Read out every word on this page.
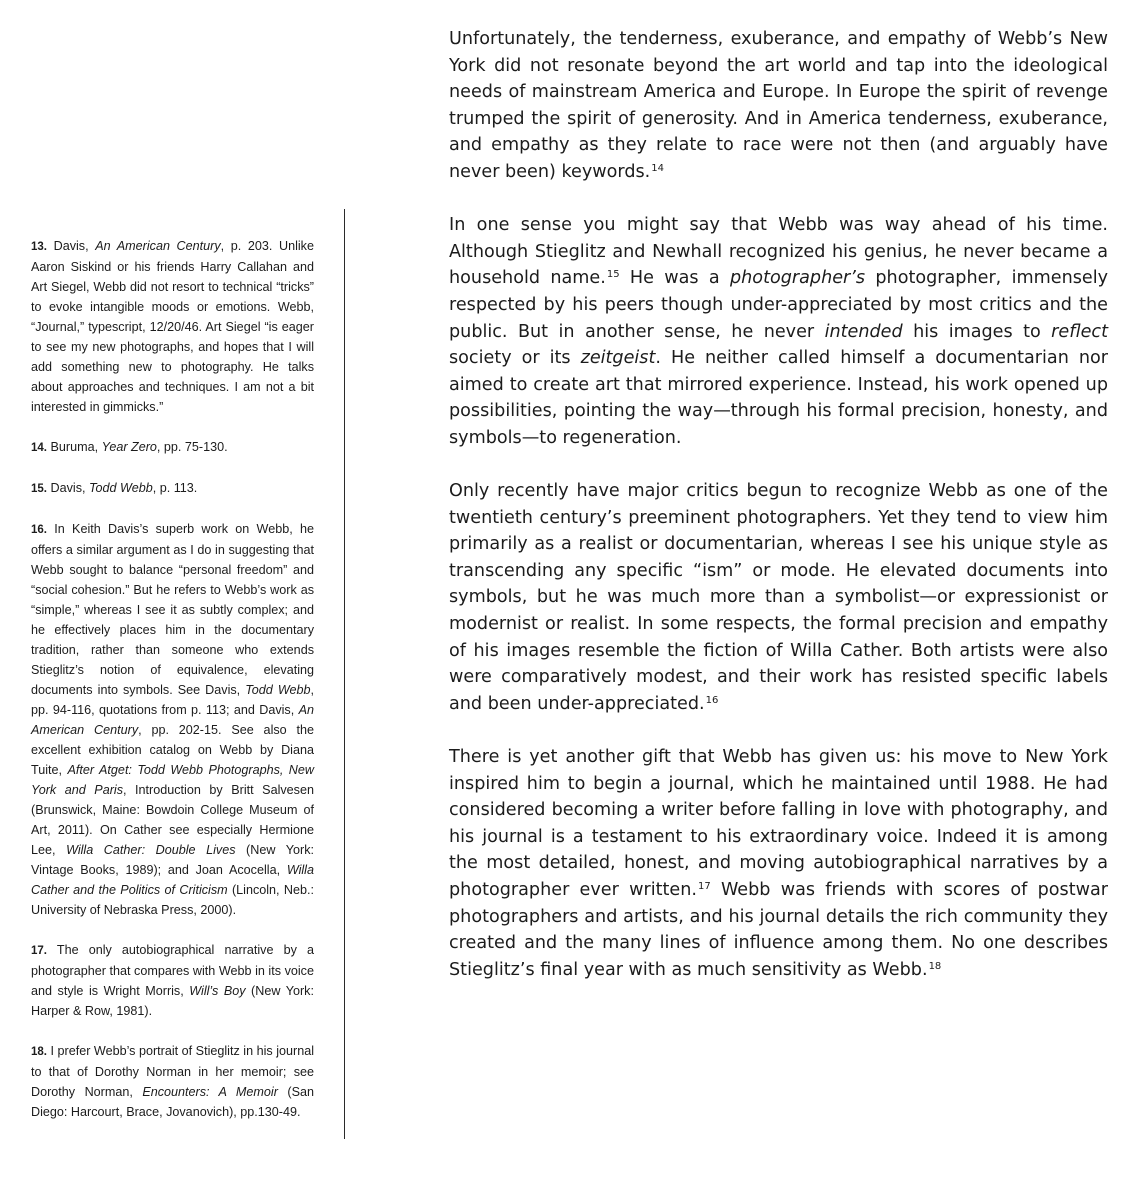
13. Davis, An American Century, p. 203. Unlike Aaron Siskind or his friends Harry Callahan and Art Siegel, Webb did not resort to technical “tricks” to evoke intangible moods or emotions. Webb, “Journal,” typescript, 12/20/46. Art Siegel “is eager to see my new photographs, and hopes that I will add something new to photography. He talks about approaches and techniques. I am not a bit interested in gimmicks.”

14. Buruma, Year Zero, pp. 75-130.

15. Davis, Todd Webb, p. 113.

16. In Keith Davis’s superb work on Webb, he offers a similar argument as I do in suggesting that Webb sought to balance “personal freedom” and “social cohesion.” But he refers to Webb’s work as “simple,” whereas I see it as subtly complex; and he effectively places him in the documentary tradition, rather than someone who extends Stieglitz’s notion of equivalence, elevating documents into symbols. See Davis, Todd Webb, pp. 94-116, quotations from p. 113; and Davis, An American Century, pp. 202-15. See also the excellent exhibition catalog on Webb by Diana Tuite, After Atget: Todd Webb Photographs, New York and Paris, Introduction by Britt Salvesen (Brunswick, Maine: Bowdoin College Museum of Art, 2011). On Cather see especially Hermione Lee, Willa Cather: Double Lives (New York: Vintage Books, 1989); and Joan Acocella, Willa Cather and the Politics of Criticism (Lincoln, Neb.: University of Nebraska Press, 2000).

17. The only autobiographical narrative by a photographer that compares with Webb in its voice and style is Wright Morris, Will’s Boy (New York: Harper & Row, 1981).

18. I prefer Webb’s portrait of Stieglitz in his journal to that of Dorothy Norman in her memoir; see Dorothy Norman, Encounters: A Memoir (San Diego: Harcourt, Brace, Jovanovich), pp.130-49.

Unfortunately, the tenderness, exuberance, and empathy of Webb’s New York did not resonate beyond the art world and tap into the ideological needs of mainstream America and Europe. In Europe the spirit of revenge trumped the spirit of generosity. And in America tenderness, exuberance, and empathy as they relate to race were not then (and arguably have never been) keywords.$^{14}$

In one sense you might say that Webb was way ahead of his time. Although Stieglitz and Newhall recognized his genius, he never became a household name.$^{15}$ He was a photographer’s photographer, immensely respected by his peers though under-appreciated by most critics and the public. But in another sense, he never intended his images to reflect society or its zeitgeist. He neither called himself a documentarian nor aimed to create art that mirrored experience. Instead, his work opened up possibilities, pointing the way—through his formal precision, honesty, and symbols—to regeneration.

Only recently have major critics begun to recognize Webb as one of the twentieth century’s preeminent photographers. Yet they tend to view him primarily as a realist or documentarian, whereas I see his unique style as transcending any specific “ism” or mode. He elevated documents into symbols, but he was much more than a symbolist—or expressionist or modernist or realist. In some respects, the formal precision and empathy of his images resemble the fiction of Willa Cather. Both artists were also were comparatively modest, and their work has resisted specific labels and been under-appreciated.$^{16}$

There is yet another gift that Webb has given us: his move to New York inspired him to begin a journal, which he maintained until 1988. He had considered becoming a writer before falling in love with photography, and his journal is a testament to his extraordinary voice. Indeed it is among the most detailed, honest, and moving autobiographical narratives by a photographer ever written.$^{17}$ Webb was friends with scores of postwar photographers and artists, and his journal details the rich community they created and the many lines of influence among them. No one describes Stieglitz’s final year with as much sensitivity as Webb.$^{18}$
